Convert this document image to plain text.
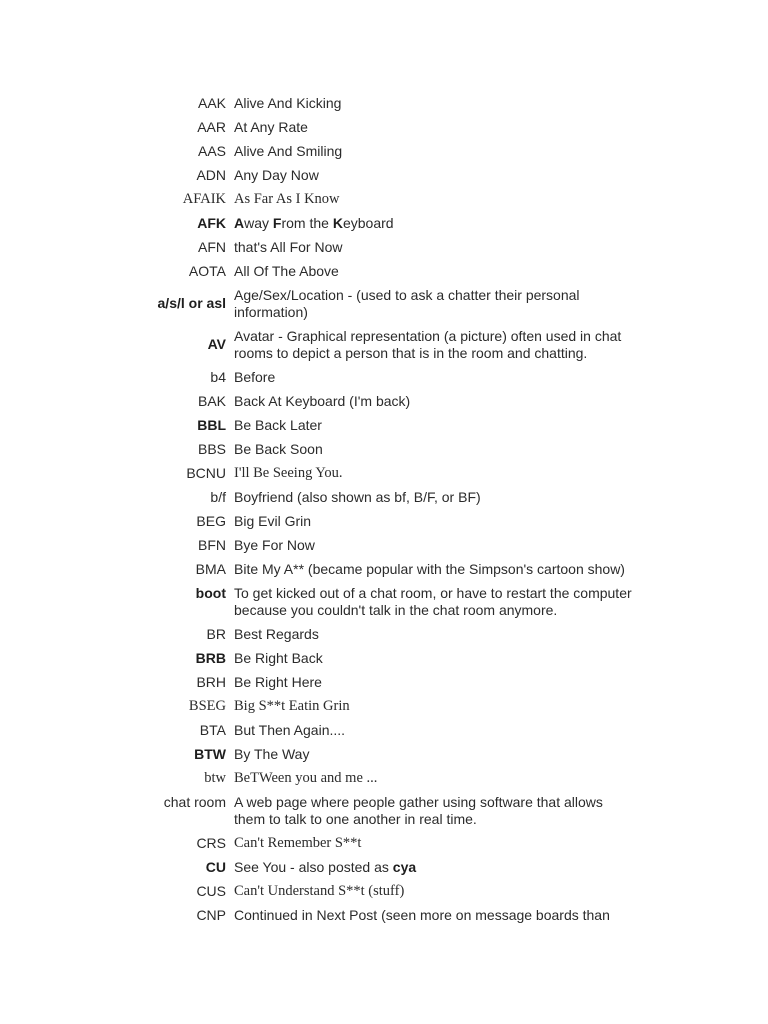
AAK Alive And Kicking
AAR At Any Rate
AAS Alive And Smiling
ADN Any Day Now
AFAIK As Far As I Know
AFK Away From the Keyboard
AFN that's All For Now
AOTA All Of The Above
a/s/l or asl Age/Sex/Location - (used to ask a chatter their personal information)
AV Avatar - Graphical representation (a picture) often used in chat rooms to depict a person that is in the room and chatting.
b4 Before
BAK Back At Keyboard (I'm back)
BBL Be Back Later
BBS Be Back Soon
BCNU I'll Be Seeing You.
b/f Boyfriend (also shown as bf, B/F, or BF)
BEG Big Evil Grin
BFN Bye For Now
BMA Bite My A** (became popular with the Simpson's cartoon show)
boot To get kicked out of a chat room, or have to restart the computer because you couldn't talk in the chat room anymore.
BR Best Regards
BRB Be Right Back
BRH Be Right Here
BSEG Big S**t Eatin Grin
BTA But Then Again....
BTW By The Way
btw BeTWeen you and me ...
chat room A web page where people gather using software that allows them to talk to one another in real time.
CRS Can't Remember S**t
CU See You - also posted as cya
CUS Can't Understand S**t (stuff)
CNP Continued in Next Post (seen more on message boards than
